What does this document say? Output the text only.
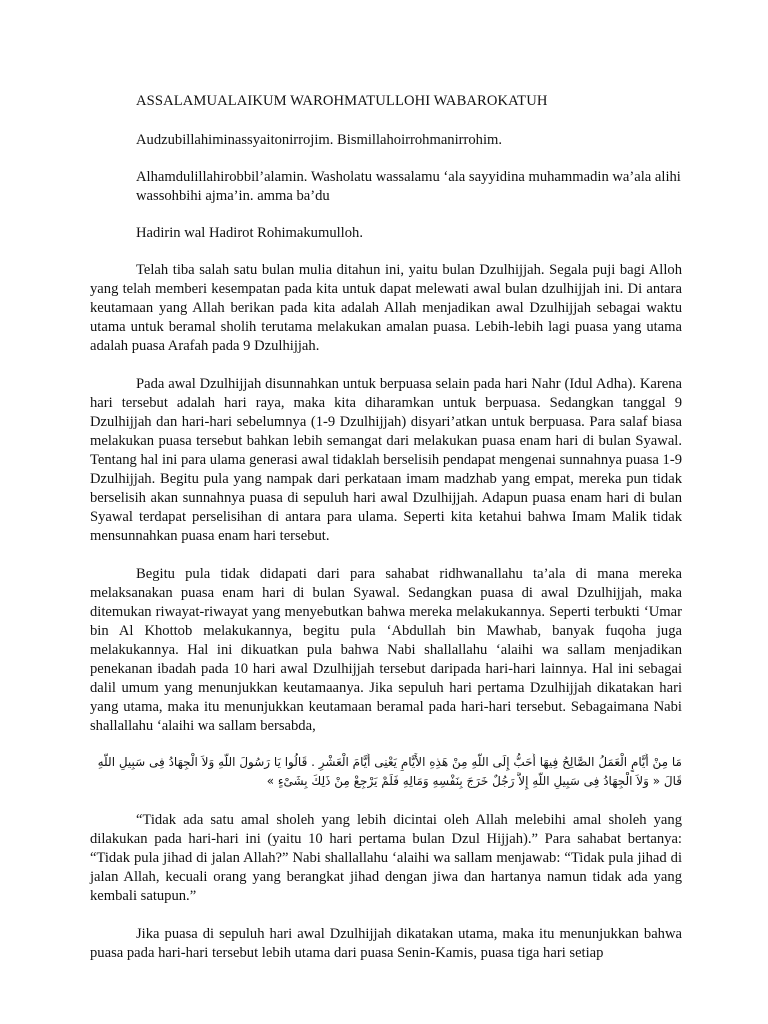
ASSALAMUALAIKUM WAROHMATULLOHI WABAROKATUH

Audzubillahiminassyaitonirrojim. Bismillahoirrohmanirrohim.

Alhamdulillahirobbil’alamin. Washolatu wassalamu ‘ala sayyidina muhammadin wa’ala alihi wassohbihi ajma’in. amma ba’du

Hadirin wal Hadirot Rohimakumulloh.

Telah tiba salah satu bulan mulia ditahun ini, yaitu bulan Dzulhijjah. Segala puji bagi Alloh yang telah memberi kesempatan pada kita untuk dapat melewati awal bulan dzulhijjah ini. Di antara keutamaan yang Allah berikan pada kita adalah Allah menjadikan awal Dzulhijjah sebagai waktu utama untuk beramal sholih terutama melakukan amalan puasa. Lebih-lebih lagi puasa yang utama adalah puasa Arafah pada 9 Dzulhijjah.

Pada awal Dzulhijjah disunnahkan untuk berpuasa selain pada hari Nahr (Idul Adha). Karena hari tersebut adalah hari raya, maka kita diharamkan untuk berpuasa. Sedangkan tanggal 9 Dzulhijjah dan hari-hari sebelumnya (1-9 Dzulhijjah) disyari’atkan untuk berpuasa. Para salaf biasa melakukan puasa tersebut bahkan lebih semangat dari melakukan puasa enam hari di bulan Syawal. Tentang hal ini para ulama generasi awal tidaklah berselisih pendapat mengenai sunnahnya puasa 1-9 Dzulhijjah. Begitu pula yang nampak dari perkataan imam madzhab yang empat, mereka pun tidak berselisih akan sunnahnya puasa di sepuluh hari awal Dzulhijjah. Adapun puasa enam hari di bulan Syawal terdapat perselisihan di antara para ulama. Seperti kita ketahui bahwa Imam Malik tidak mensunnahkan puasa enam hari tersebut.

Begitu pula tidak didapati dari para sahabat ridhwanallahu ta’ala di mana mereka melaksanakan puasa enam hari di bulan Syawal. Sedangkan puasa di awal Dzulhijjah, maka ditemukan riwayat-riwayat yang menyebutkan bahwa mereka melakukannya. Seperti terbukti ‘Umar bin Al Khottob melakukannya, begitu pula ‘Abdullah bin Mawhab, banyak fuqoha juga melakukannya. Hal ini dikuatkan pula bahwa Nabi shallallahu ‘alaihi wa sallam menjadikan penekanan ibadah pada 10 hari awal Dzulhijjah tersebut daripada hari-hari lainnya. Hal ini sebagai dalil umum yang menunjukkan keutamaanya. Jika sepuluh hari pertama Dzulhijjah dikatakan hari yang utama, maka itu menunjukkan keutamaan beramal pada hari-hari tersebut. Sebagaimana Nabi shallallahu ‘alaihi wa sallam bersabda,

مَا مِنْ أَيَّامٍ الْعَمَلُ الصَّالِحُ فِيهَا أَحَبُّ إِلَى اللَّهِ مِنْ هَذِهِ الأَيَّامِ يَعْنِى أَيَّامَ الْعَشْرِ . قَالُوا يَا رَسُولَ اللَّهِ وَلاَ الْجِهَادُ فِى سَبِيلِ اللَّهِ
قَالَ « وَلاَ الْجِهَادُ فِى سَبِيلِ اللَّهِ إِلاَّ رَجُلٌ خَرَجَ بِنَفْسِهِ وَمَالِهِ فَلَمْ يَرْجِعْ مِنْ ذَلِكَ بِشَىْءٍ »

“Tidak ada satu amal sholeh yang lebih dicintai oleh Allah melebihi amal sholeh yang dilakukan pada hari-hari ini (yaitu 10 hari pertama bulan Dzul Hijjah).” Para sahabat bertanya: “Tidak pula jihad di jalan Allah?” Nabi shallallahu ‘alaihi wa sallam menjawab: “Tidak pula jihad di jalan Allah, kecuali orang yang berangkat jihad dengan jiwa dan hartanya namun tidak ada yang kembali satupun.”

Jika puasa di sepuluh hari awal Dzulhijjah dikatakan utama, maka itu menunjukkan bahwa puasa pada hari-hari tersebut lebih utama dari puasa Senin-Kamis, puasa tiga hari setiap
